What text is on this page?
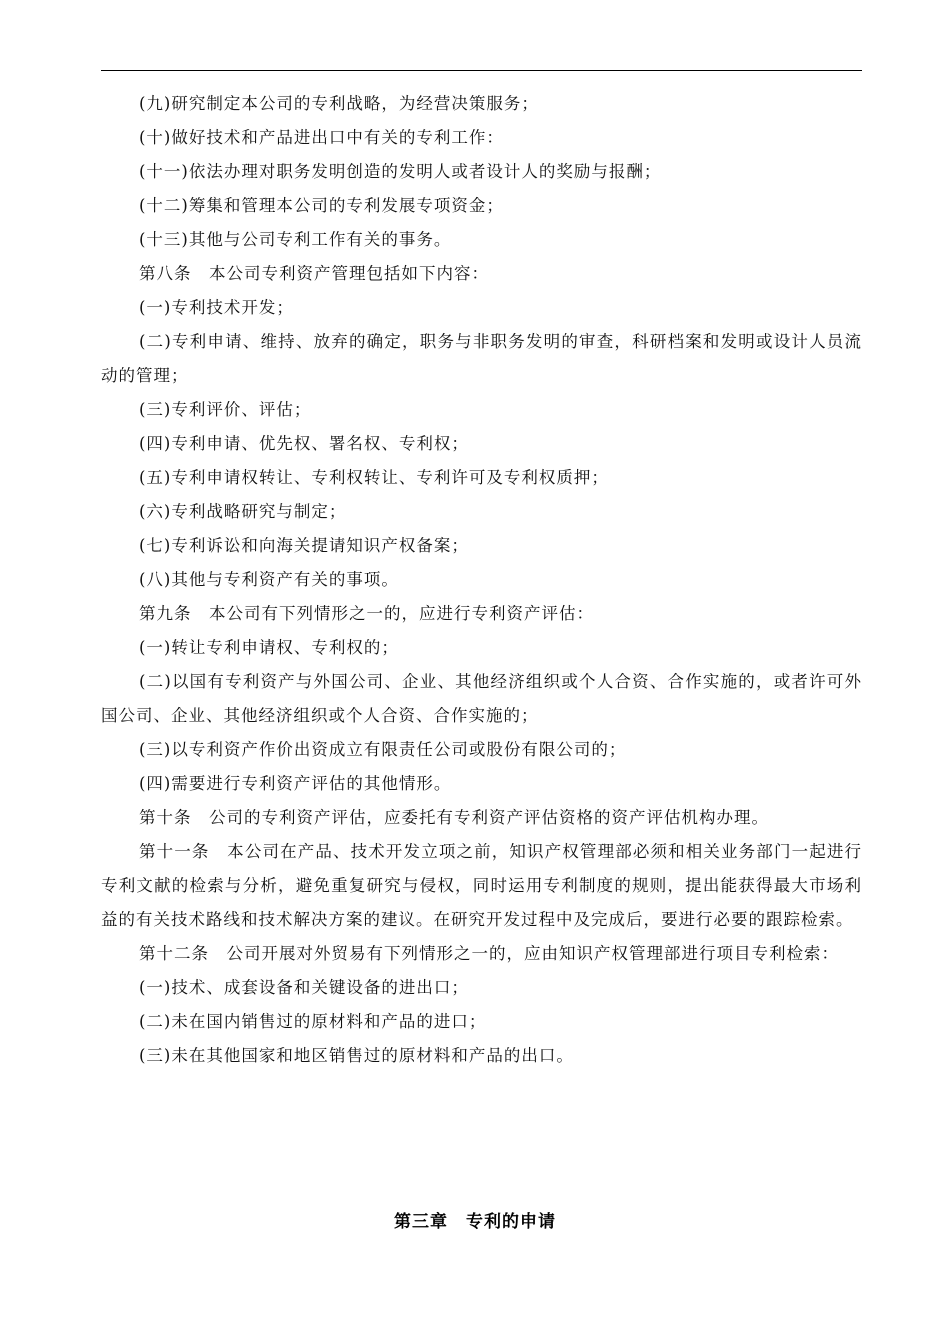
(九)研究制定本公司的专利战略，为经营决策服务；

(十)做好技术和产品进出口中有关的专利工作：

(十一)依法办理对职务发明创造的发明人或者设计人的奖励与报酬；

(十二)筹集和管理本公司的专利发展专项资金；

(十三)其他与公司专利工作有关的事务。

第八条　本公司专利资产管理包括如下内容：

(一)专利技术开发；

(二)专利申请、维持、放弃的确定，职务与非职务发明的审查，科研档案和发明或设计人员流动的管理；

(三)专利评价、评估；

(四)专利申请、优先权、署名权、专利权；

(五)专利申请权转让、专利权转让、专利许可及专利权质押；

(六)专利战略研究与制定；

(七)专利诉讼和向海关提请知识产权备案；

(八)其他与专利资产有关的事项。

第九条　本公司有下列情形之一的，应进行专利资产评估：

(一)转让专利申请权、专利权的；

(二)以国有专利资产与外国公司、企业、其他经济组织或个人合资、合作实施的，或者许可外国公司、企业、其他经济组织或个人合资、合作实施的；

(三)以专利资产作价出资成立有限责任公司或股份有限公司的；

(四)需要进行专利资产评估的其他情形。

第十条　公司的专利资产评估，应委托有专利资产评估资格的资产评估机构办理。

第十一条　本公司在产品、技术开发立项之前，知识产权管理部必须和相关业务部门一起进行专利文献的检索与分析，避免重复研究与侵权，同时运用专利制度的规则，提出能获得最大市场利益的有关技术路线和技术解决方案的建议。在研究开发过程中及完成后，要进行必要的跟踪检索。

第十二条　公司开展对外贸易有下列情形之一的，应由知识产权管理部进行项目专利检索：

(一)技术、成套设备和关键设备的进出口；

(二)未在国内销售过的原材料和产品的进口；

(三)未在其他国家和地区销售过的原材料和产品的出口。

第三章　专利的申请
